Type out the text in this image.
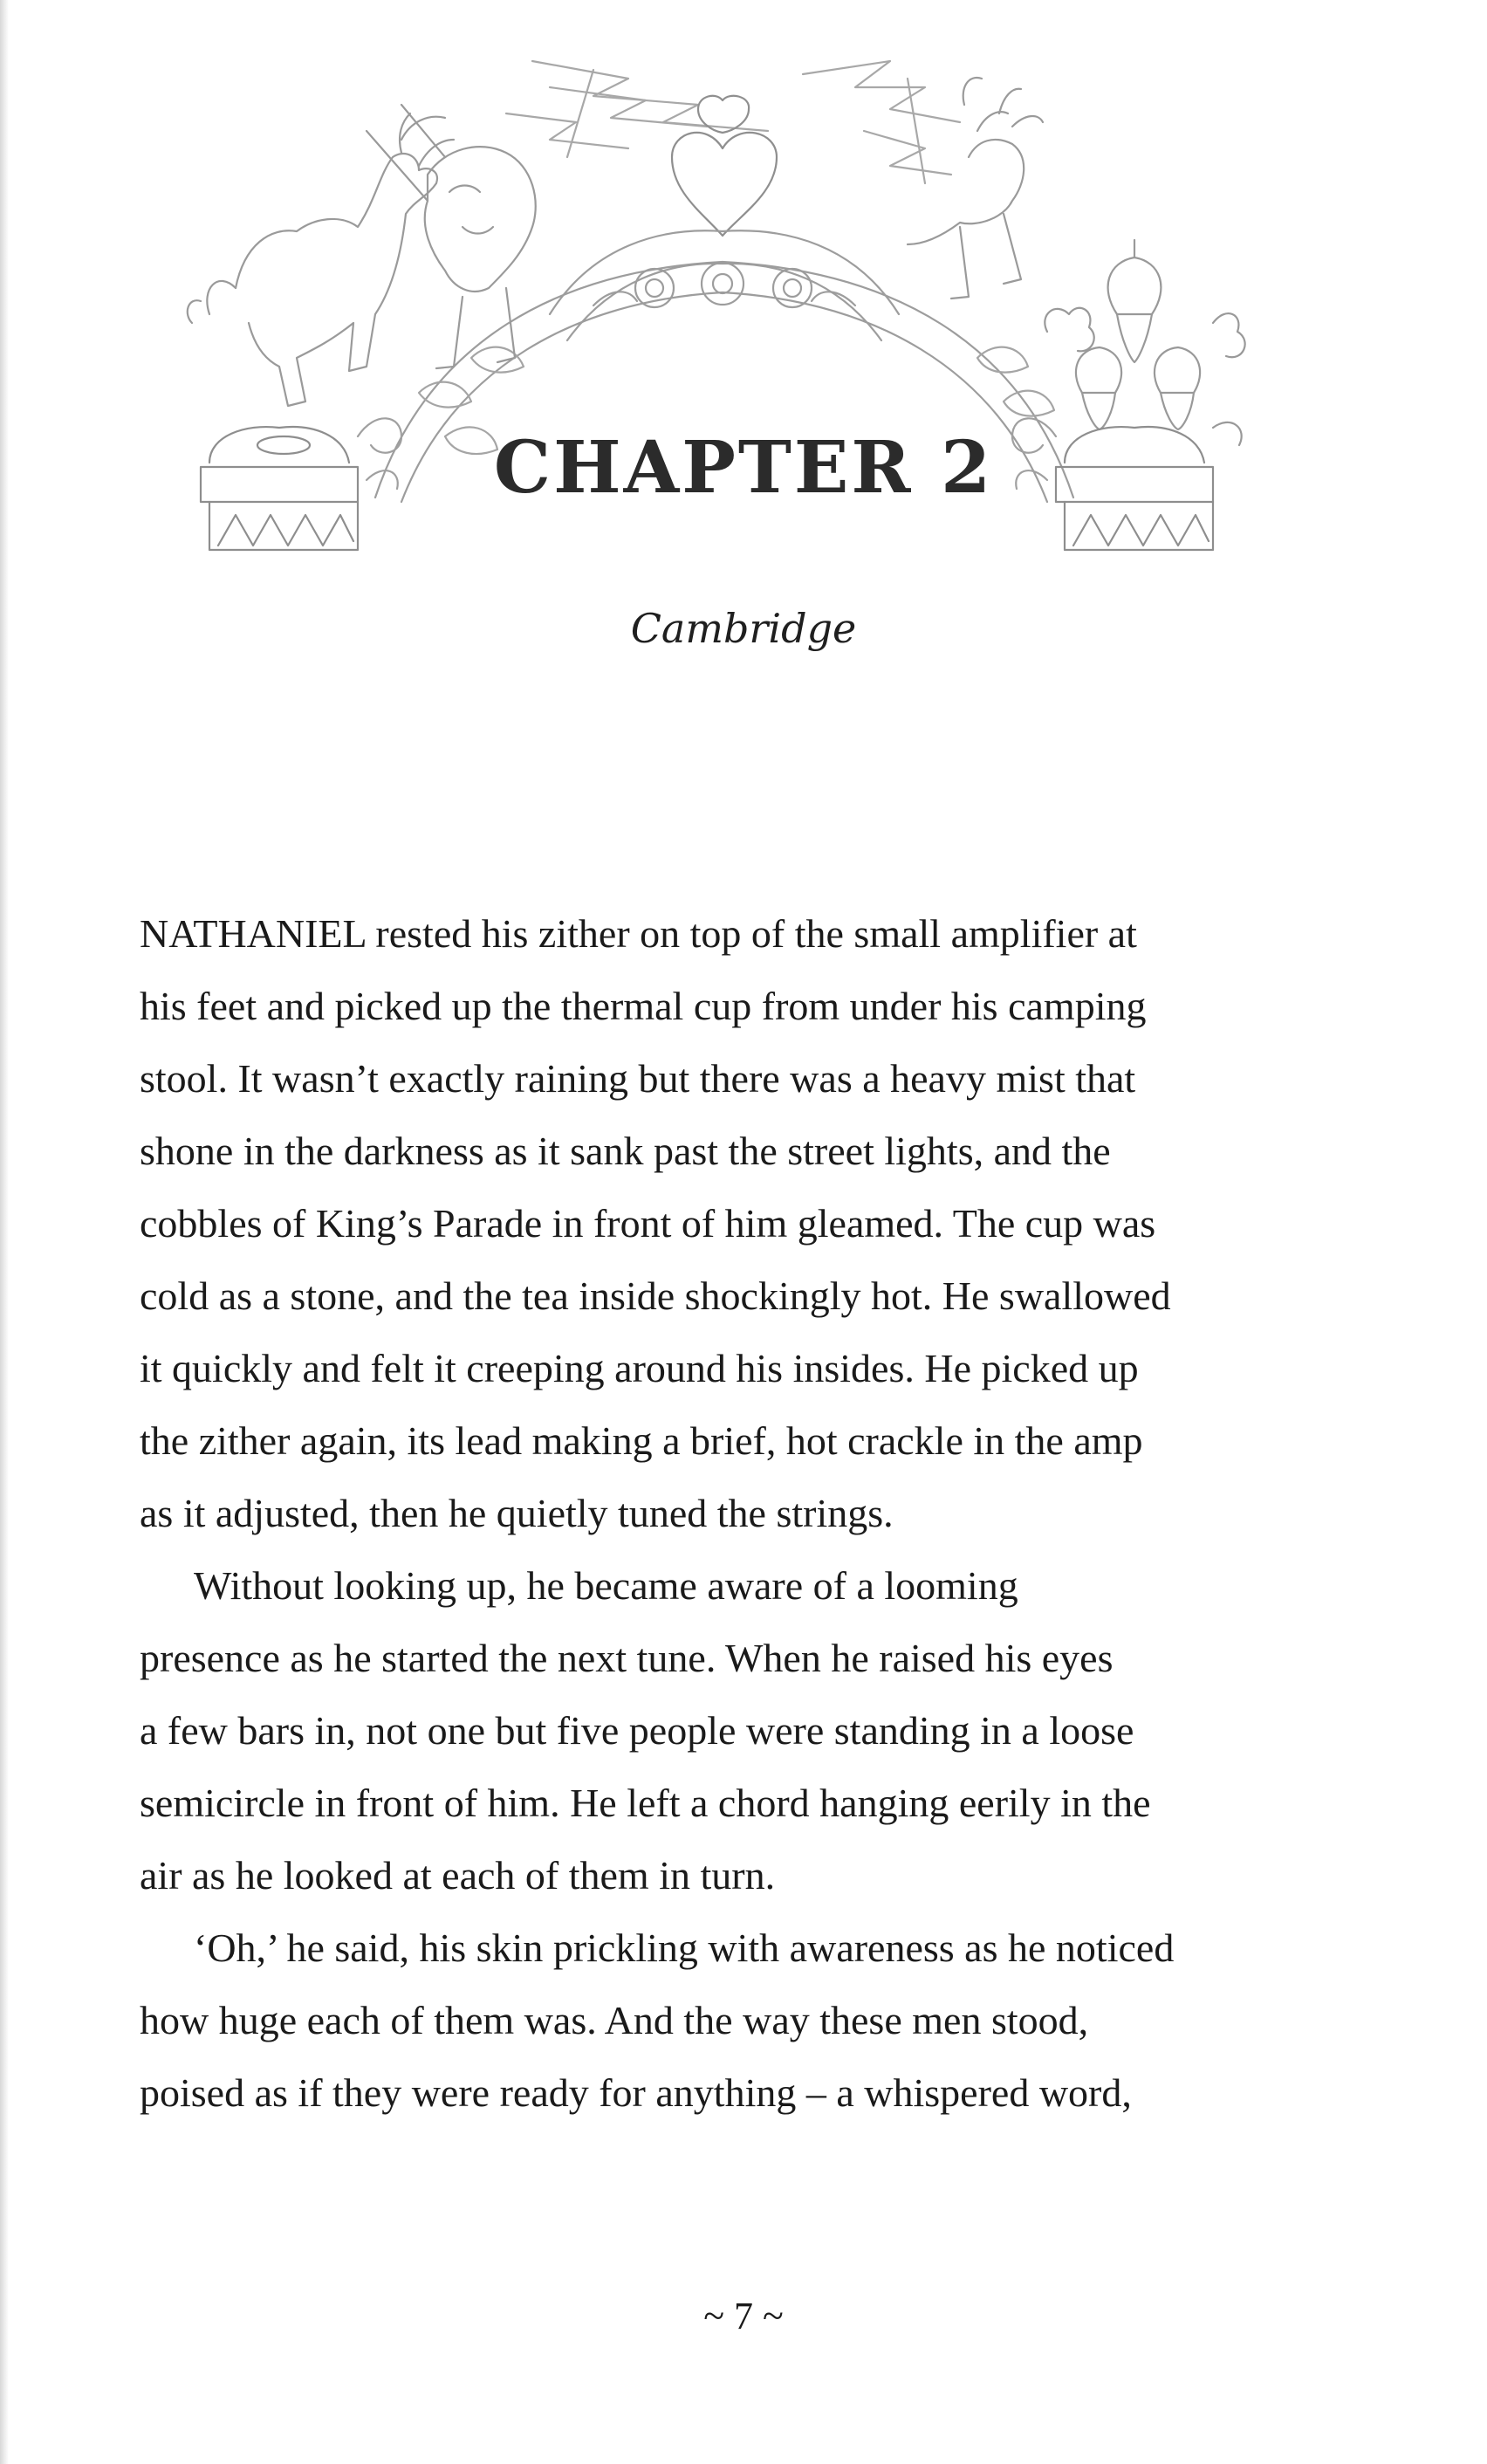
CHAPTER 2
Cambridge
NATHANIEL rested his zither on top of the small amplifier at
his feet and picked up the thermal cup from under his camping
stool. It wasn’t exactly raining but there was a heavy mist that
shone in the darkness as it sank past the street lights, and the
cobbles of King’s Parade in front of him gleamed. The cup was
cold as a stone, and the tea inside shockingly hot. He swallowed
it quickly and felt it creeping around his insides. He picked up
the zither again, its lead making a brief, hot crackle in the amp
as it adjusted, then he quietly tuned the strings.
Without looking up, he became aware of a looming
presence as he started the next tune. When he raised his eyes
a few bars in, not one but five people were standing in a loose
semicircle in front of him. He left a chord hanging eerily in the
air as he looked at each of them in turn.
‘Oh,’ he said, his skin prickling with awareness as he noticed
how huge each of them was. And the way these men stood,
poised as if they were ready for anything – a whispered word,
~ 7 ~
